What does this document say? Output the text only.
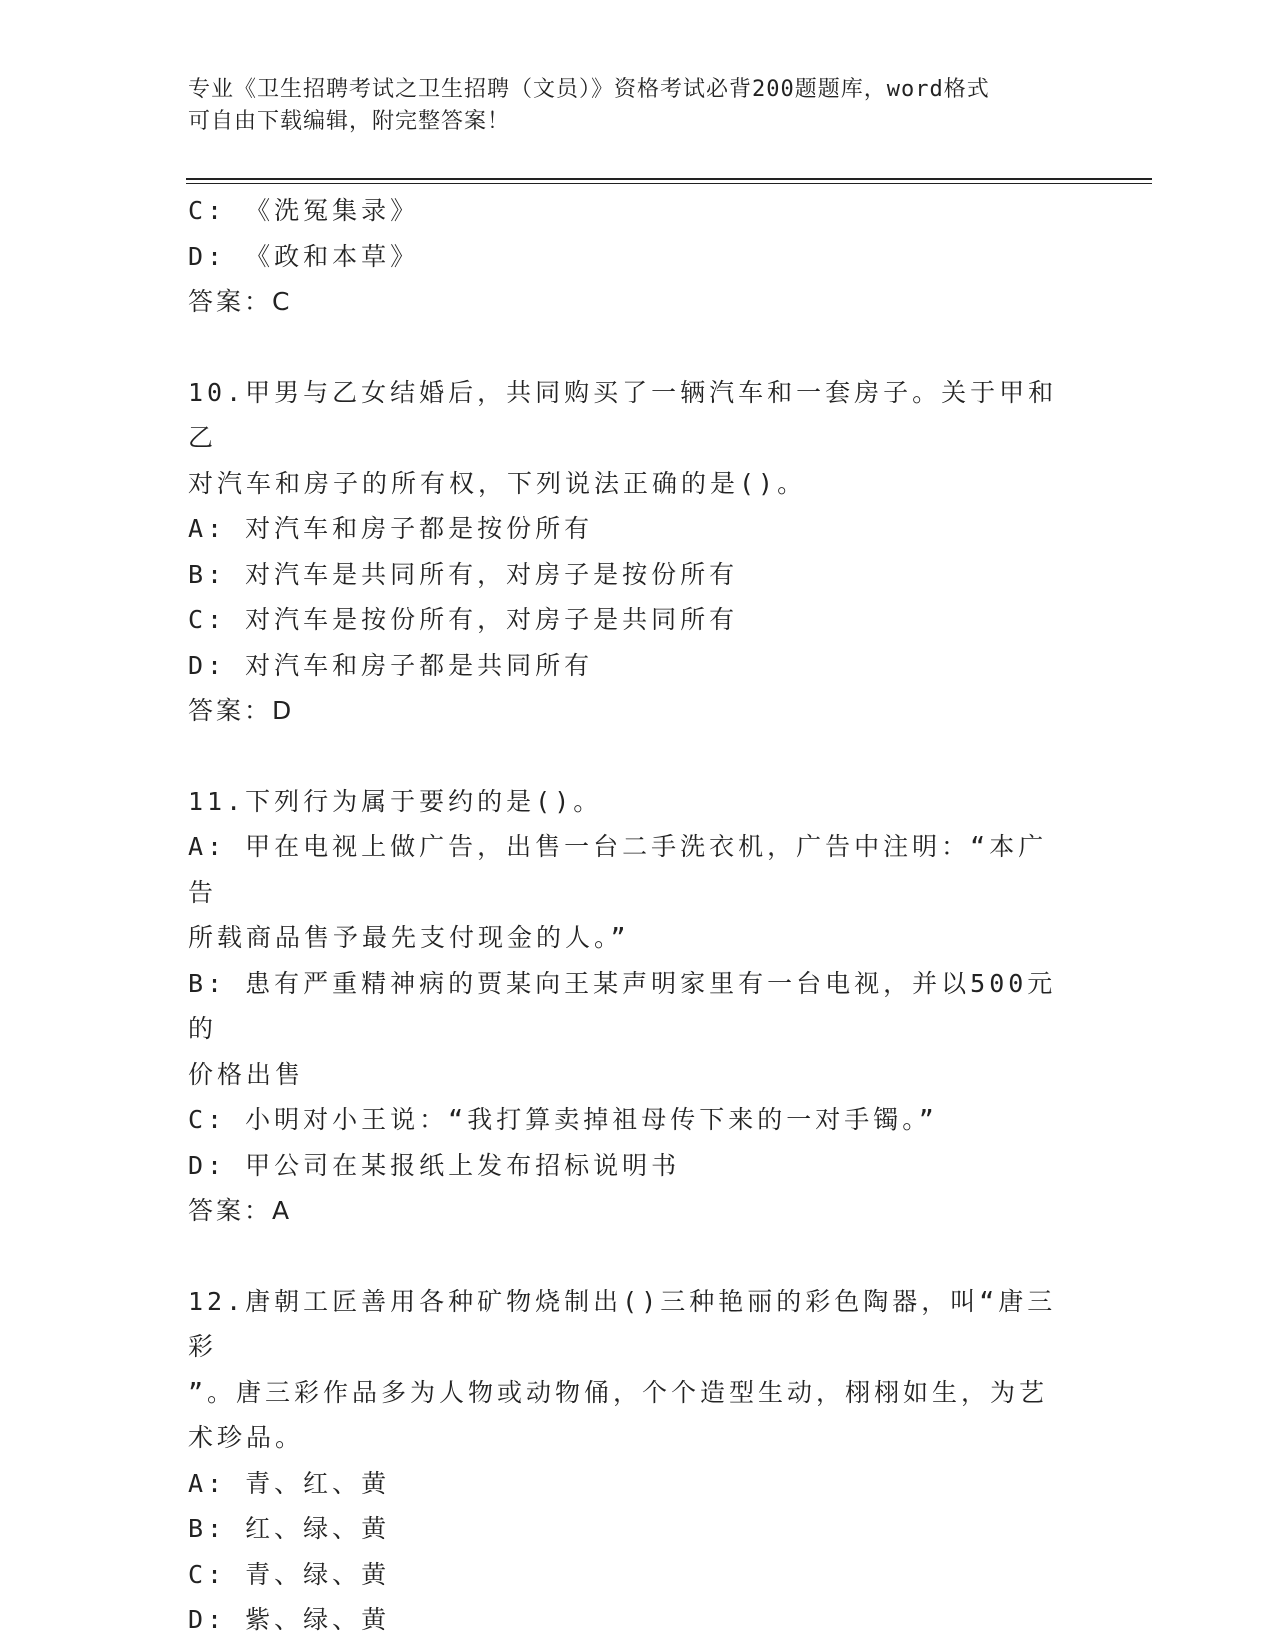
专业《卫生招聘考试之卫生招聘（文员）》资格考试必背200题题库，word格式
可自由下载编辑，附完整答案！
C: 《洗冤集录》
D: 《政和本草》
答案：C
10.甲男与乙女结婚后，共同购买了一辆汽车和一套房子。关于甲和乙
对汽车和房子的所有权，下列说法正确的是()。
A: 对汽车和房子都是按份所有
B: 对汽车是共同所有，对房子是按份所有
C: 对汽车是按份所有，对房子是共同所有
D: 对汽车和房子都是共同所有
答案：D
11.下列行为属于要约的是()。
A: 甲在电视上做广告，出售一台二手洗衣机，广告中注明：“本广告
所载商品售予最先支付现金的人。”
B: 患有严重精神病的贾某向王某声明家里有一台电视，并以500元的
价格出售
C: 小明对小王说：“我打算卖掉祖母传下来的一对手镯。”
D: 甲公司在某报纸上发布招标说明书
答案：A
12.唐朝工匠善用各种矿物烧制出()三种艳丽的彩色陶器，叫“唐三彩
”。唐三彩作品多为人物或动物俑，个个造型生动，栩栩如生，为艺
术珍品。
A: 青、红、黄
B: 红、绿、黄
C: 青、绿、黄
D: 紫、绿、黄
